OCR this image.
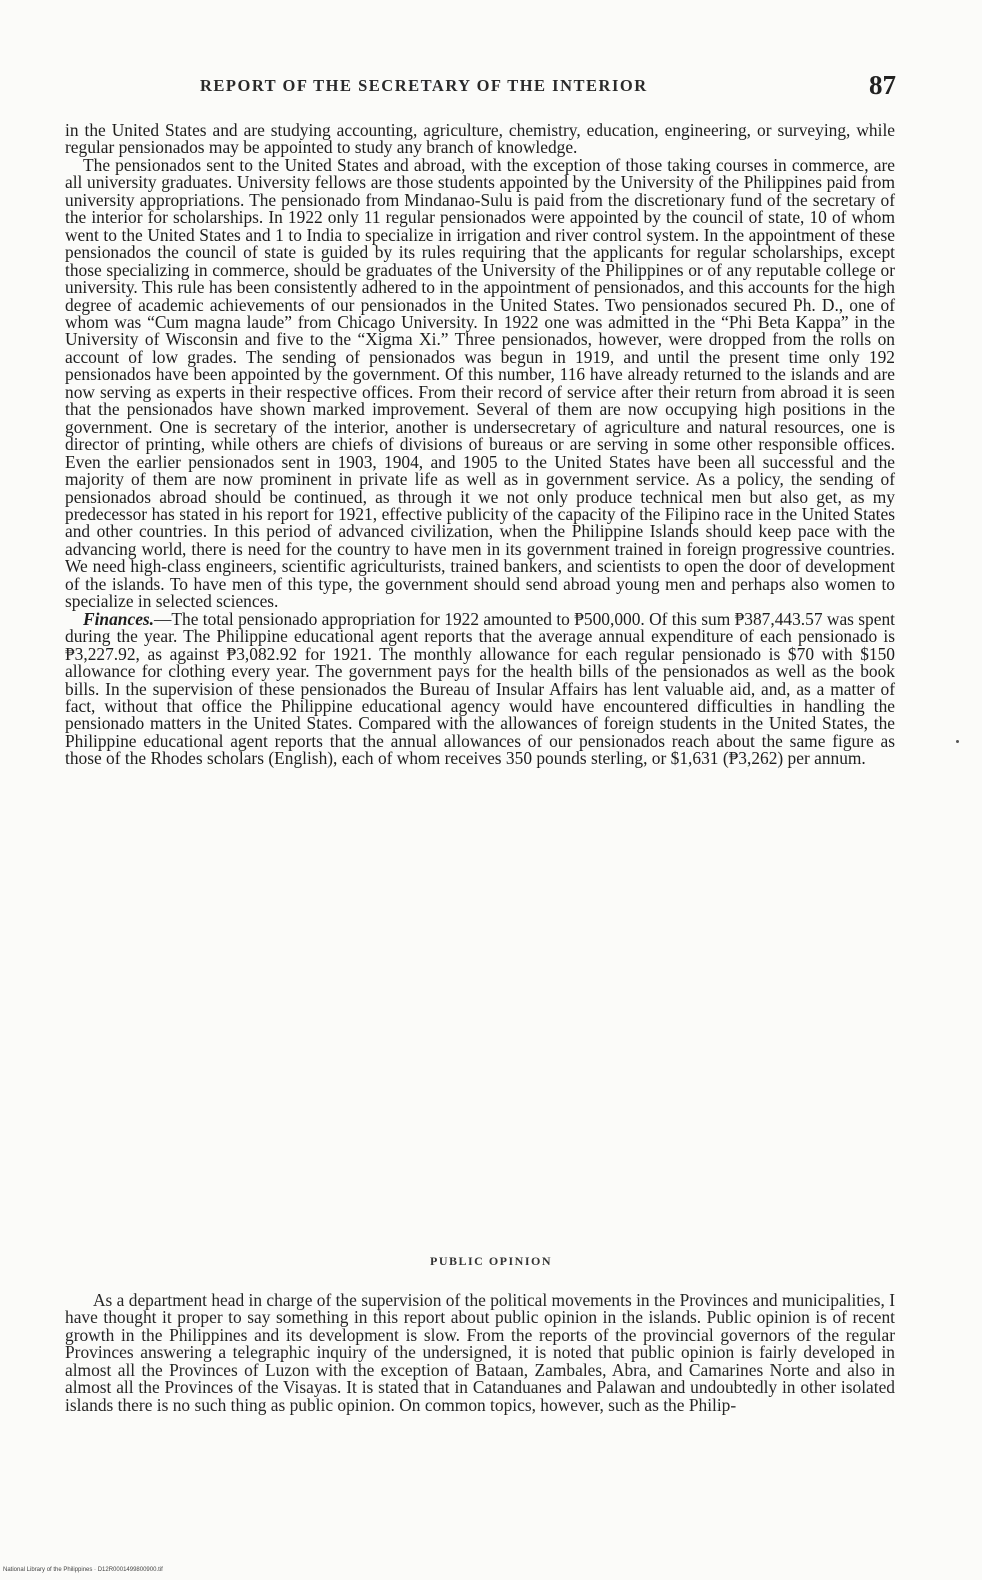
REPORT OF THE SECRETARY OF THE INTERIOR	87

in the United States and are studying accounting, agriculture, chemistry, education, engineering, or surveying, while regular pensionados may be appointed to study any branch of knowledge.

The pensionados sent to the United States and abroad, with the exception of those taking courses in commerce, are all university graduates. University fellows are those students appointed by the University of the Philippines paid from university appropriations. The pensionado from Mindanao-Sulu is paid from the discretionary fund of the secretary of the interior for scholarships. In 1922 only 11 regular pensionados were appointed by the council of state, 10 of whom went to the United States and 1 to India to specialize in irrigation and river control system. In the appointment of these pensionados the council of state is guided by its rules requiring that the applicants for regular scholarships, except those specializing in commerce, should be graduates of the University of the Philippines or of any reputable college or university. This rule has been consistently adhered to in the appointment of pensionados, and this accounts for the high degree of academic achievements of our pensionados in the United States. Two pensionados secured Ph. D., one of whom was “Cum magna laude” from Chicago University. In 1922 one was admitted in the “Phi Beta Kappa” in the University of Wisconsin and five to the “Xigma Xi.” Three pensionados, however, were dropped from the rolls on account of low grades. The sending of pensionados was begun in 1919, and until the present time only 192 pensionados have been appointed by the government. Of this number, 116 have already returned to the islands and are now serving as experts in their respective offices. From their record of service after their return from abroad it is seen that the pensionados have shown marked improvement. Several of them are now occupying high positions in the government. One is secretary of the interior, another is undersecretary of agriculture and natural resources, one is director of printing, while others are chiefs of divisions of bureaus or are serving in some other responsible offices. Even the earlier pensionados sent in 1903, 1904, and 1905 to the United States have been all successful and the majority of them are now prominent in private life as well as in government service. As a policy, the sending of pensionados abroad should be continued, as through it we not only produce technical men but also get, as my predecessor has stated in his report for 1921, effective publicity of the capacity of the Filipino race in the United States and other countries. In this period of advanced civilization, when the Philippine Islands should keep pace with the advancing world, there is need for the country to have men in its government trained in foreign progressive countries. We need high-class engineers, scientific agriculturists, trained bankers, and scientists to open the door of development of the islands. To have men of this type, the government should send abroad young men and perhaps also women to specialize in selected sciences.

Finances.—The total pensionado appropriation for 1922 amounted to ₱500,000. Of this sum ₱387,443.57 was spent during the year. The Philippine educational agent reports that the average annual expenditure of each pensionado is ₱3,227.92, as against ₱3,082.92 for 1921. The monthly allowance for each regular pensionado is $70 with $150 allowance for clothing every year. The government pays for the health bills of the pensionados as well as the book bills. In the supervision of these pensionados the Bureau of Insular Affairs has lent valuable aid, and, as a matter of fact, without that office the Philippine educational agency would have encountered difficulties in handling the pensionado matters in the United States. Compared with the allowances of foreign students in the United States, the Philippine educational agent reports that the annual allowances of our pensionados reach about the same figure as those of the Rhodes scholars (English), each of whom receives 350 pounds sterling, or $1,631 (₱3,262) per annum.

PUBLIC OPINION

As a department head in charge of the supervision of the political movements in the Provinces and municipalities, I have thought it proper to say something in this report about public opinion in the islands. Public opinion is of recent growth in the Philippines and its development is slow. From the reports of the provincial governors of the regular Provinces answering a telegraphic inquiry of the undersigned, it is noted that public opinion is fairly developed in almost all the Provinces of Luzon with the exception of Bataan, Zambales, Abra, and Camarines Norte and also in almost all the Provinces of the Visayas. It is stated that in Catanduanes and Palawan and undoubtedly in other isolated islands there is no such thing as public opinion. On common topics, however, such as the Philip-

National Library of the Philippines · D12R0001499800900.tif
